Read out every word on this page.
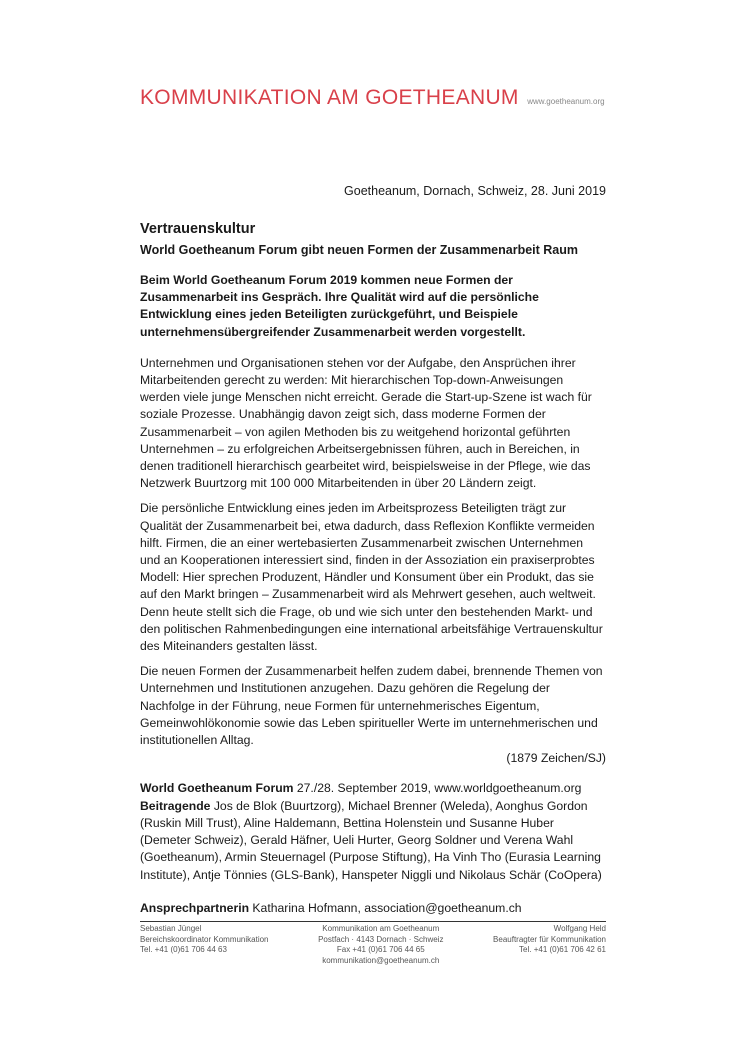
KOMMUNIKATION AM GOETHEANUM www.goetheanum.org
Goetheanum, Dornach, Schweiz, 28. Juni 2019
Vertrauenskultur
World Goetheanum Forum gibt neuen Formen der Zusammenarbeit Raum

Beim World Goetheanum Forum 2019 kommen neue Formen der Zusammenarbeit ins Gespräch. Ihre Qualität wird auf die persönliche Entwicklung eines jeden Beteiligten zurückgeführt, und Beispiele unternehmensübergreifender Zusammenarbeit werden vorgestellt.

Unternehmen und Organisationen stehen vor der Aufgabe, den Ansprüchen ihrer Mitarbeitenden gerecht zu werden: Mit hierarchischen Top-down-Anweisungen werden viele junge Menschen nicht erreicht. Gerade die Start-up-Szene ist wach für soziale Prozesse. Unabhängig davon zeigt sich, dass moderne Formen der Zusammenarbeit – von agilen Methoden bis zu weitgehend horizontal geführten Unternehmen – zu erfolgreichen Arbeitsergebnissen führen, auch in Bereichen, in denen traditionell hierarchisch gearbeitet wird, beispielsweise in der Pflege, wie das Netzwerk Buurtzorg mit 100 000 Mitarbeitenden in über 20 Ländern zeigt.

Die persönliche Entwicklung eines jeden im Arbeitsprozess Beteiligten trägt zur Qualität der Zusammenarbeit bei, etwa dadurch, dass Reflexion Konflikte vermeiden hilft. Firmen, die an einer wertebasierten Zusammenarbeit zwischen Unternehmen und an Kooperationen interessiert sind, finden in der Assoziation ein praxiserprobtes Modell: Hier sprechen Produzent, Händler und Konsument über ein Produkt, das sie auf den Markt bringen – Zusammenarbeit wird als Mehrwert gesehen, auch weltweit. Denn heute stellt sich die Frage, ob und wie sich unter den bestehenden Markt- und den politischen Rahmenbedingungen eine international arbeitsfähige Vertrauenskultur des Miteinanders gestalten lässt.

Die neuen Formen der Zusammenarbeit helfen zudem dabei, brennende Themen von Unternehmen und Institutionen anzugehen. Dazu gehören die Regelung der Nachfolge in der Führung, neue Formen für unternehmerisches Eigentum, Gemeinwohlökonomie sowie das Leben spiritueller Werte im unternehmerischen und institutionellen Alltag.

(1879 Zeichen/SJ)

World Goetheanum Forum 27./28. September 2019, www.worldgoetheanum.org
Beitragende Jos de Blok (Buurtzorg), Michael Brenner (Weleda), Aonghus Gordon (Ruskin Mill Trust), Aline Haldemann, Bettina Holenstein und Susanne Huber (Demeter Schweiz), Gerald Häfner, Ueli Hurter, Georg Soldner und Verena Wahl (Goetheanum), Armin Steuernagel (Purpose Stiftung), Ha Vinh Tho (Eurasia Learning Institute), Antje Tönnies (GLS-Bank), Hanspeter Niggli und Nikolaus Schär (CoOpera)

Ansprechpartnerin Katharina Hofmann, association@goetheanum.ch

Sebastian Jüngel
Bereichskoordinator Kommunikation
Tel. +41 (0)61 706 44 63
Kommunikation am Goetheanum
Postfach · 4143 Dornach · Schweiz
Fax +41 (0)61 706 44 65
kommunikation@goetheanum.ch
Wolfgang Held
Beauftragter für Kommunikation
Tel. +41 (0)61 706 42 61
